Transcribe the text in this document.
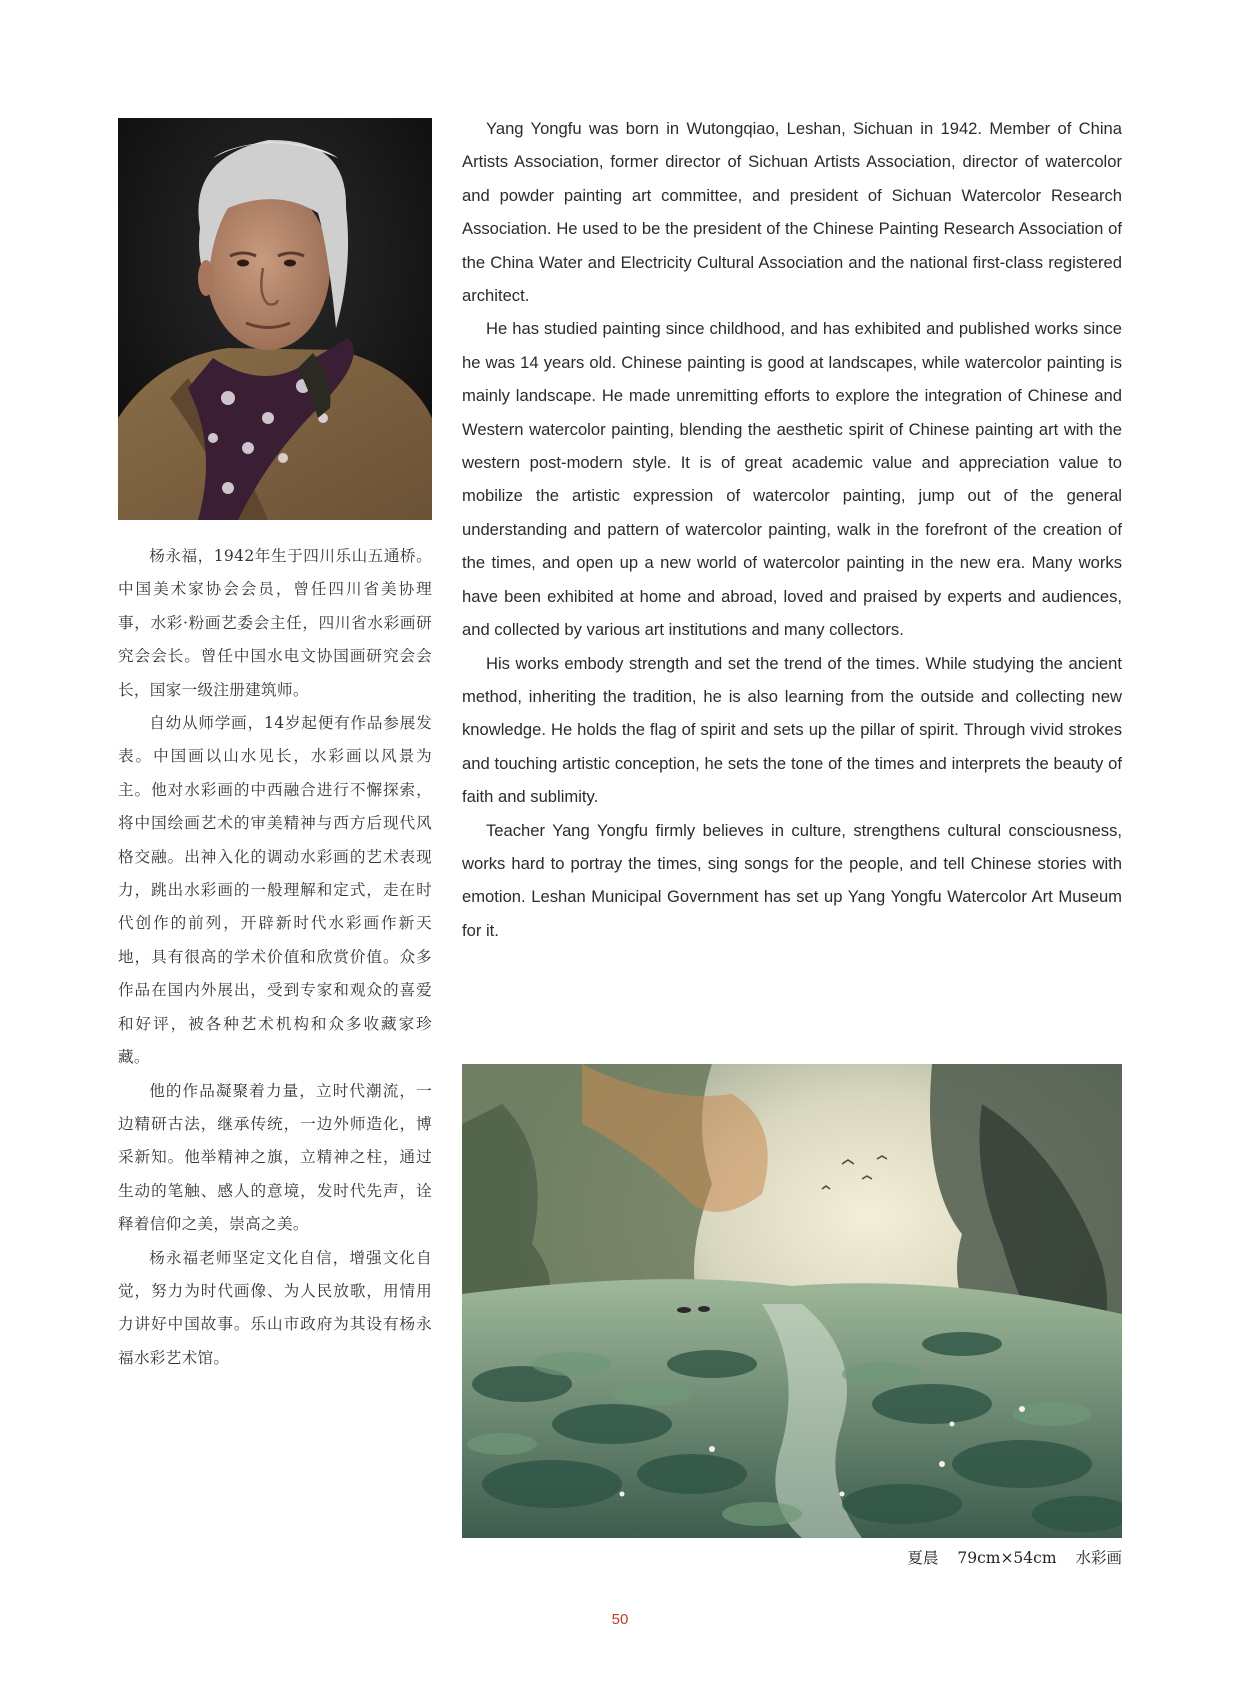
杨永福，1942年生于四川乐山五通桥。中国美术家协会会员，曾任四川省美协理事，水彩·粉画艺委会主任，四川省水彩画研究会会长。曾任中国水电文协国画研究会会长，国家一级注册建筑师。

自幼从师学画，14岁起便有作品参展发表。中国画以山水见长，水彩画以风景为主。他对水彩画的中西融合进行不懈探索，将中国绘画艺术的审美精神与西方后现代风格交融。出神入化的调动水彩画的艺术表现力，跳出水彩画的一般理解和定式，走在时代创作的前列，开辟新时代水彩画作新天地，具有很高的学术价值和欣赏价值。众多作品在国内外展出，受到专家和观众的喜爱和好评，被各种艺术机构和众多收藏家珍藏。

他的作品凝聚着力量，立时代潮流，一边精研古法，继承传统，一边外师造化，博采新知。他举精神之旗，立精神之柱，通过生动的笔触、感人的意境，发时代先声，诠释着信仰之美，崇高之美。

杨永福老师坚定文化自信，增强文化自觉，努力为时代画像、为人民放歌，用情用力讲好中国故事。乐山市政府为其设有杨永福水彩艺术馆。

Yang Yongfu was born in Wutongqiao, Leshan, Sichuan in 1942. Member of China Artists Association, former director of Sichuan Artists Association, director of watercolor and powder painting art committee, and president of Sichuan Watercolor Research Association. He used to be the president of the Chinese Painting Research Association of the China Water and Electricity Cultural Association and the national first-class registered architect.

He has studied painting since childhood, and has exhibited and published works since he was 14 years old. Chinese painting is good at landscapes, while watercolor painting is mainly landscape. He made unremitting efforts to explore the integration of Chinese and Western watercolor painting, blending the aesthetic spirit of Chinese painting art with the western post-modern style. It is of great academic value and appreciation value to mobilize the artistic expression of watercolor painting, jump out of the general understanding and pattern of watercolor painting, walk in the forefront of the creation of the times, and open up a new world of watercolor painting in the new era. Many works have been exhibited at home and abroad, loved and praised by experts and audiences, and collected by various art institutions and many collectors.

His works embody strength and set the trend of the times. While studying the ancient method, inheriting the tradition, he is also learning from the outside and collecting new knowledge. He holds the flag of spirit and sets up the pillar of spirit. Through vivid strokes and touching artistic conception, he sets the tone of the times and interprets the beauty of faith and sublimity.

Teacher Yang Yongfu firmly believes in culture, strengthens cultural consciousness, works hard to portray the times, sing songs for the people, and tell Chinese stories with emotion. Leshan Municipal Government has set up Yang Yongfu Watercolor Art Museum for it.

夏晨 79cm×54cm 水彩画
50
